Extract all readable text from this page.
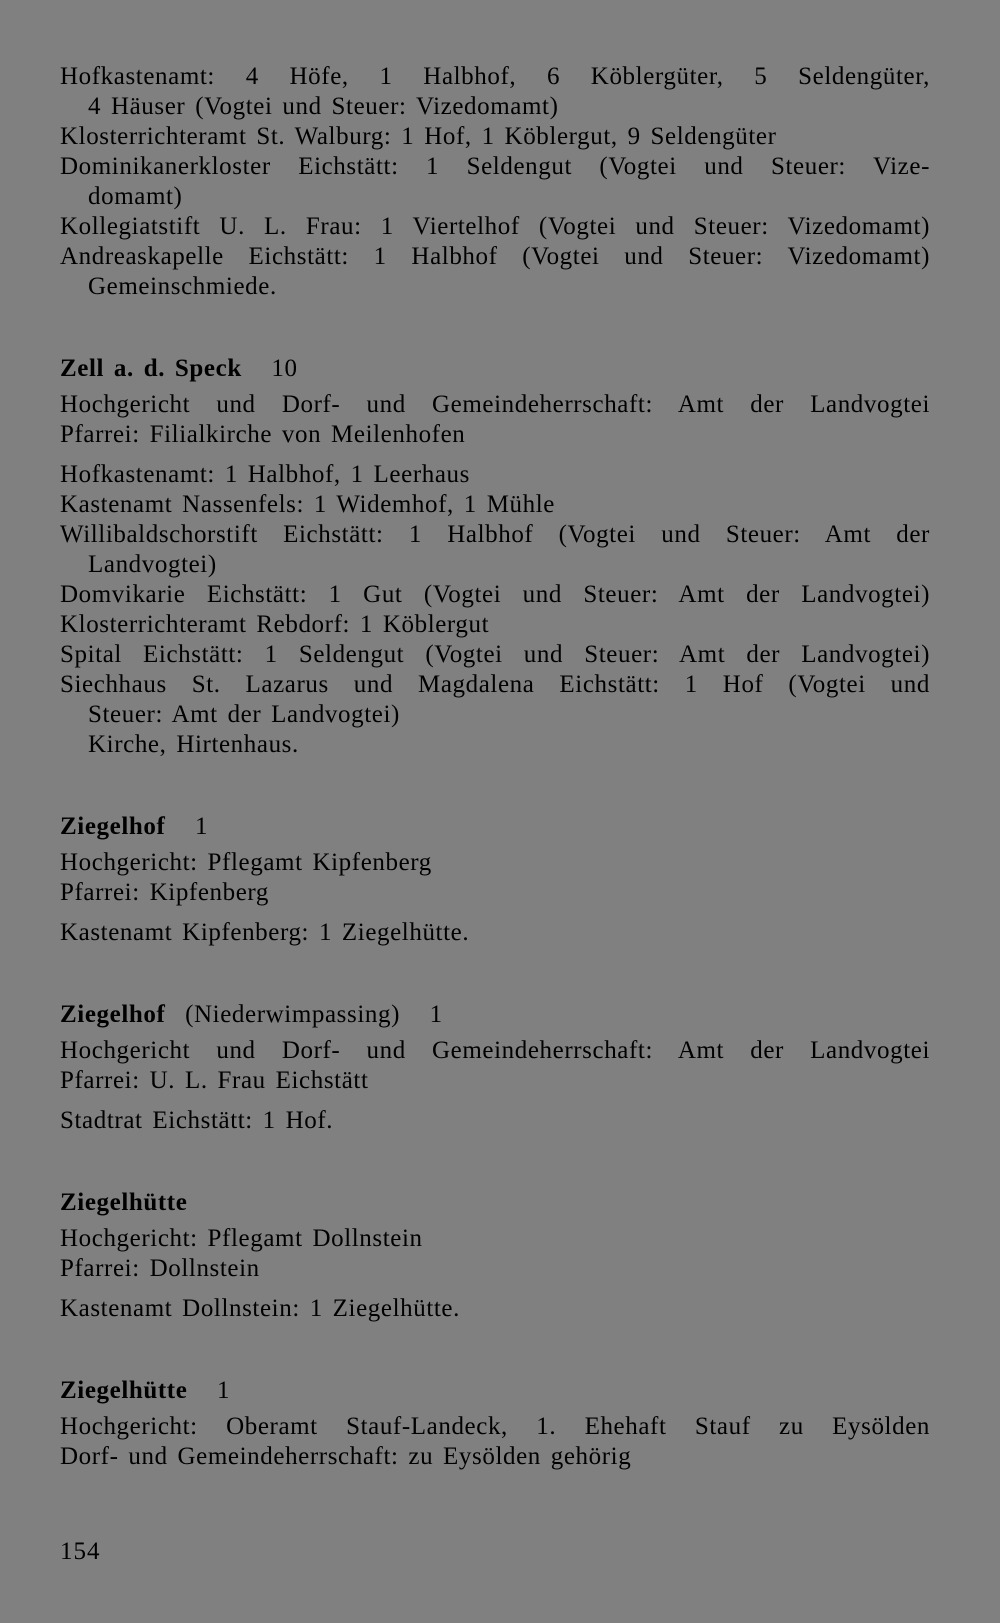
Hofkastenamt: 4 Höfe, 1 Halbhof, 6 Köblergüter, 5 Seldengüter,
4 Häuser (Vogtei und Steuer: Vizedomamt)
Klosterrichteramt St. Walburg: 1 Hof, 1 Köblergut, 9 Seldengüter
Dominikanerkloster Eichstätt: 1 Seldengut (Vogtei und Steuer: Vize-
domamt)
Kollegiatstift U. L. Frau: 1 Viertelhof (Vogtei und Steuer: Vizedomamt)
Andreaskapelle Eichstätt: 1 Halbhof (Vogtei und Steuer: Vizedomamt)
Gemeinschmiede.
Zell a. d. Speck 10
Hochgericht und Dorf- und Gemeindeherrschaft: Amt der Landvogtei
Pfarrei: Filialkirche von Meilenhofen
Hofkastenamt: 1 Halbhof, 1 Leerhaus
Kastenamt Nassenfels: 1 Widemhof, 1 Mühle
Willibaldschorstift Eichstätt: 1 Halbhof (Vogtei und Steuer: Amt der
Landvogtei)
Domvikarie Eichstätt: 1 Gut (Vogtei und Steuer: Amt der Landvogtei)
Klosterrichteramt Rebdorf: 1 Köblergut
Spital Eichstätt: 1 Seldengut (Vogtei und Steuer: Amt der Landvogtei)
Siechhaus St. Lazarus und Magdalena Eichstätt: 1 Hof (Vogtei und
Steuer: Amt der Landvogtei)
Kirche, Hirtenhaus.
Ziegelhof 1
Hochgericht: Pflegamt Kipfenberg
Pfarrei: Kipfenberg
Kastenamt Kipfenberg: 1 Ziegelhütte.
Ziegelhof (Niederwimpassing) 1
Hochgericht und Dorf- und Gemeindeherrschaft: Amt der Landvogtei
Pfarrei: U. L. Frau Eichstätt
Stadtrat Eichstätt: 1 Hof.
Ziegelhütte
Hochgericht: Pflegamt Dollnstein
Pfarrei: Dollnstein
Kastenamt Dollnstein: 1 Ziegelhütte.
Ziegelhütte 1
Hochgericht: Oberamt Stauf-Landeck, 1. Ehehaft Stauf zu Eysölden
Dorf- und Gemeindeherrschaft: zu Eysölden gehörig
154
